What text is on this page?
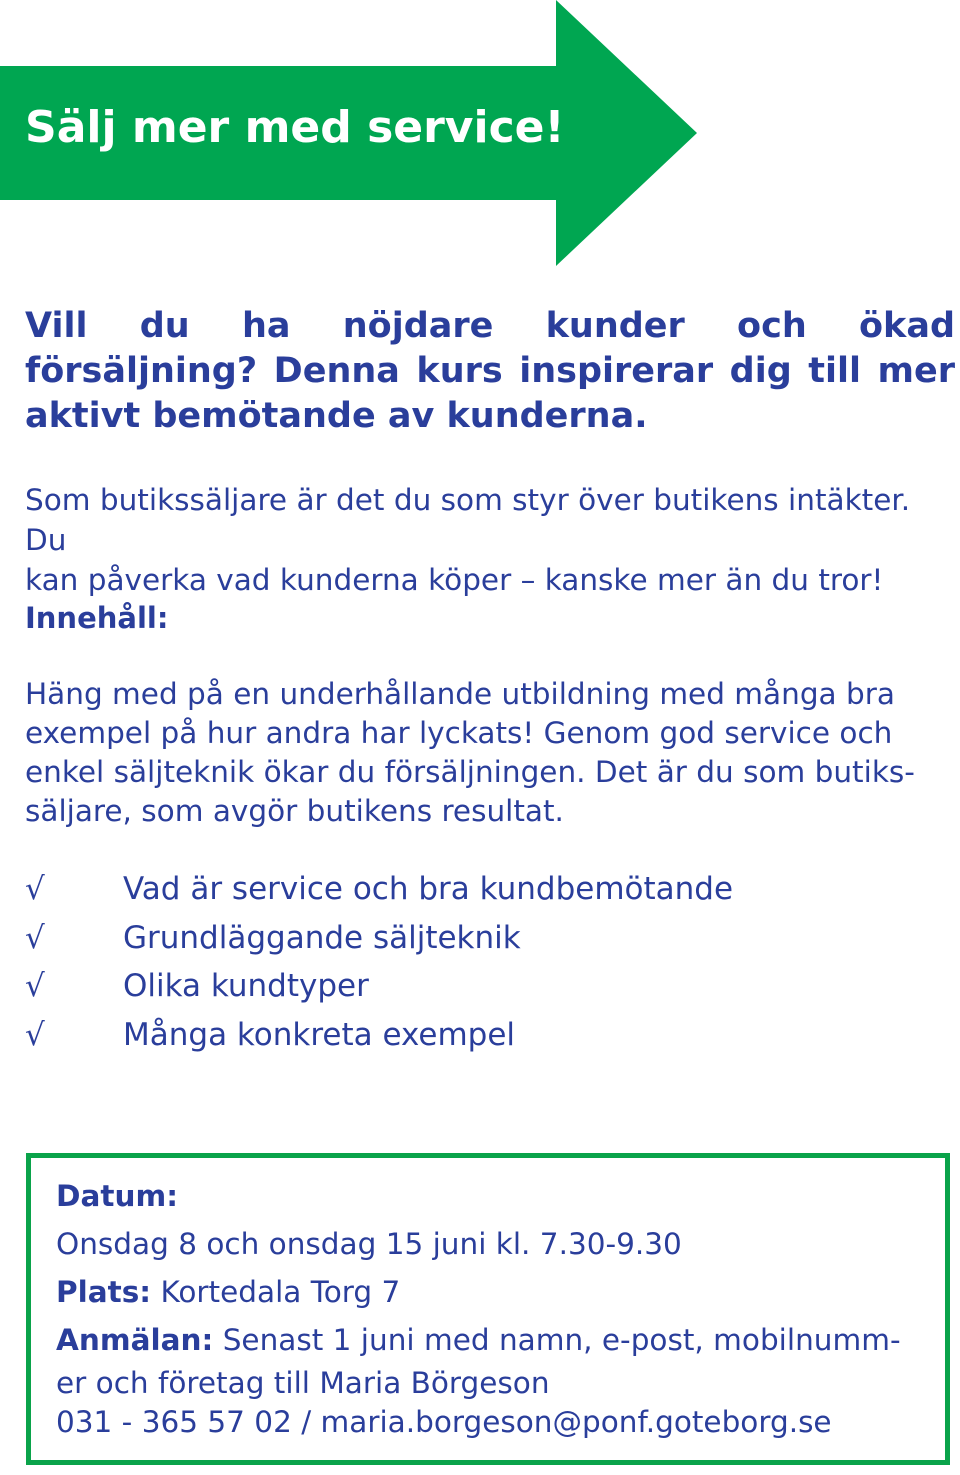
Sälj mer med service!

Vill du ha nöjdare kunder och ökad försäljning? Denna kurs inspirerar dig till mer aktivt bemötande av kunderna.

Som butikssäljare är det du som styr över butikens intäkter. Du
kan påverka vad kunderna köper – kanske mer än du tror!

Innehåll:

Häng med på en underhållande utbildning med många bra
exempel på hur andra har lyckats! Genom god service och
enkel säljteknik ökar du försäljningen. Det är du som butiks-
säljare, som avgör butikens resultat.

√	Vad är service och bra kundbemötande
√	Grundläggande säljteknik
√	Olika kundtyper
√	Många konkreta exempel
Datum:
Onsdag 8 och onsdag 15 juni kl. 7.30-9.30
Plats: Kortedala Torg 7
Anmälan: Senast 1 juni med namn, e-post, mobilnumm-
er och företag till Maria Börgeson
031 - 365 57 02 / maria.borgeson@ponf.goteborg.se
